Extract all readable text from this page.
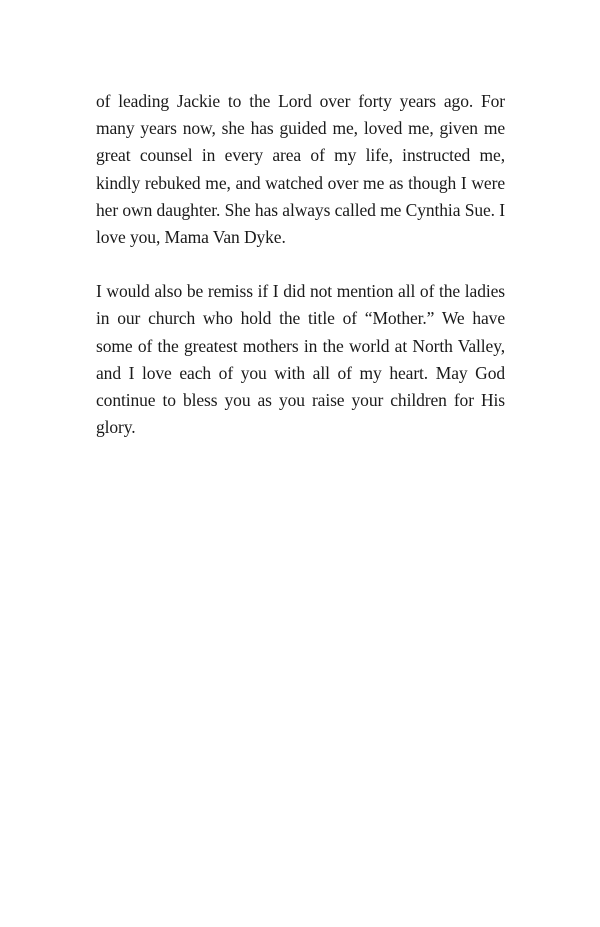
of leading Jackie to the Lord over forty years ago. For many years now, she has guided me, loved me, given me great counsel in every area of my life, instructed me, kindly rebuked me, and watched over me as though I were her own daughter. She has always called me Cynthia Sue. I love you, Mama Van Dyke.

I would also be remiss if I did not mention all of the ladies in our church who hold the title of “Mother.” We have some of the greatest mothers in the world at North Valley, and I love each of you with all of my heart. May God continue to bless you as you raise your children for His glory.
